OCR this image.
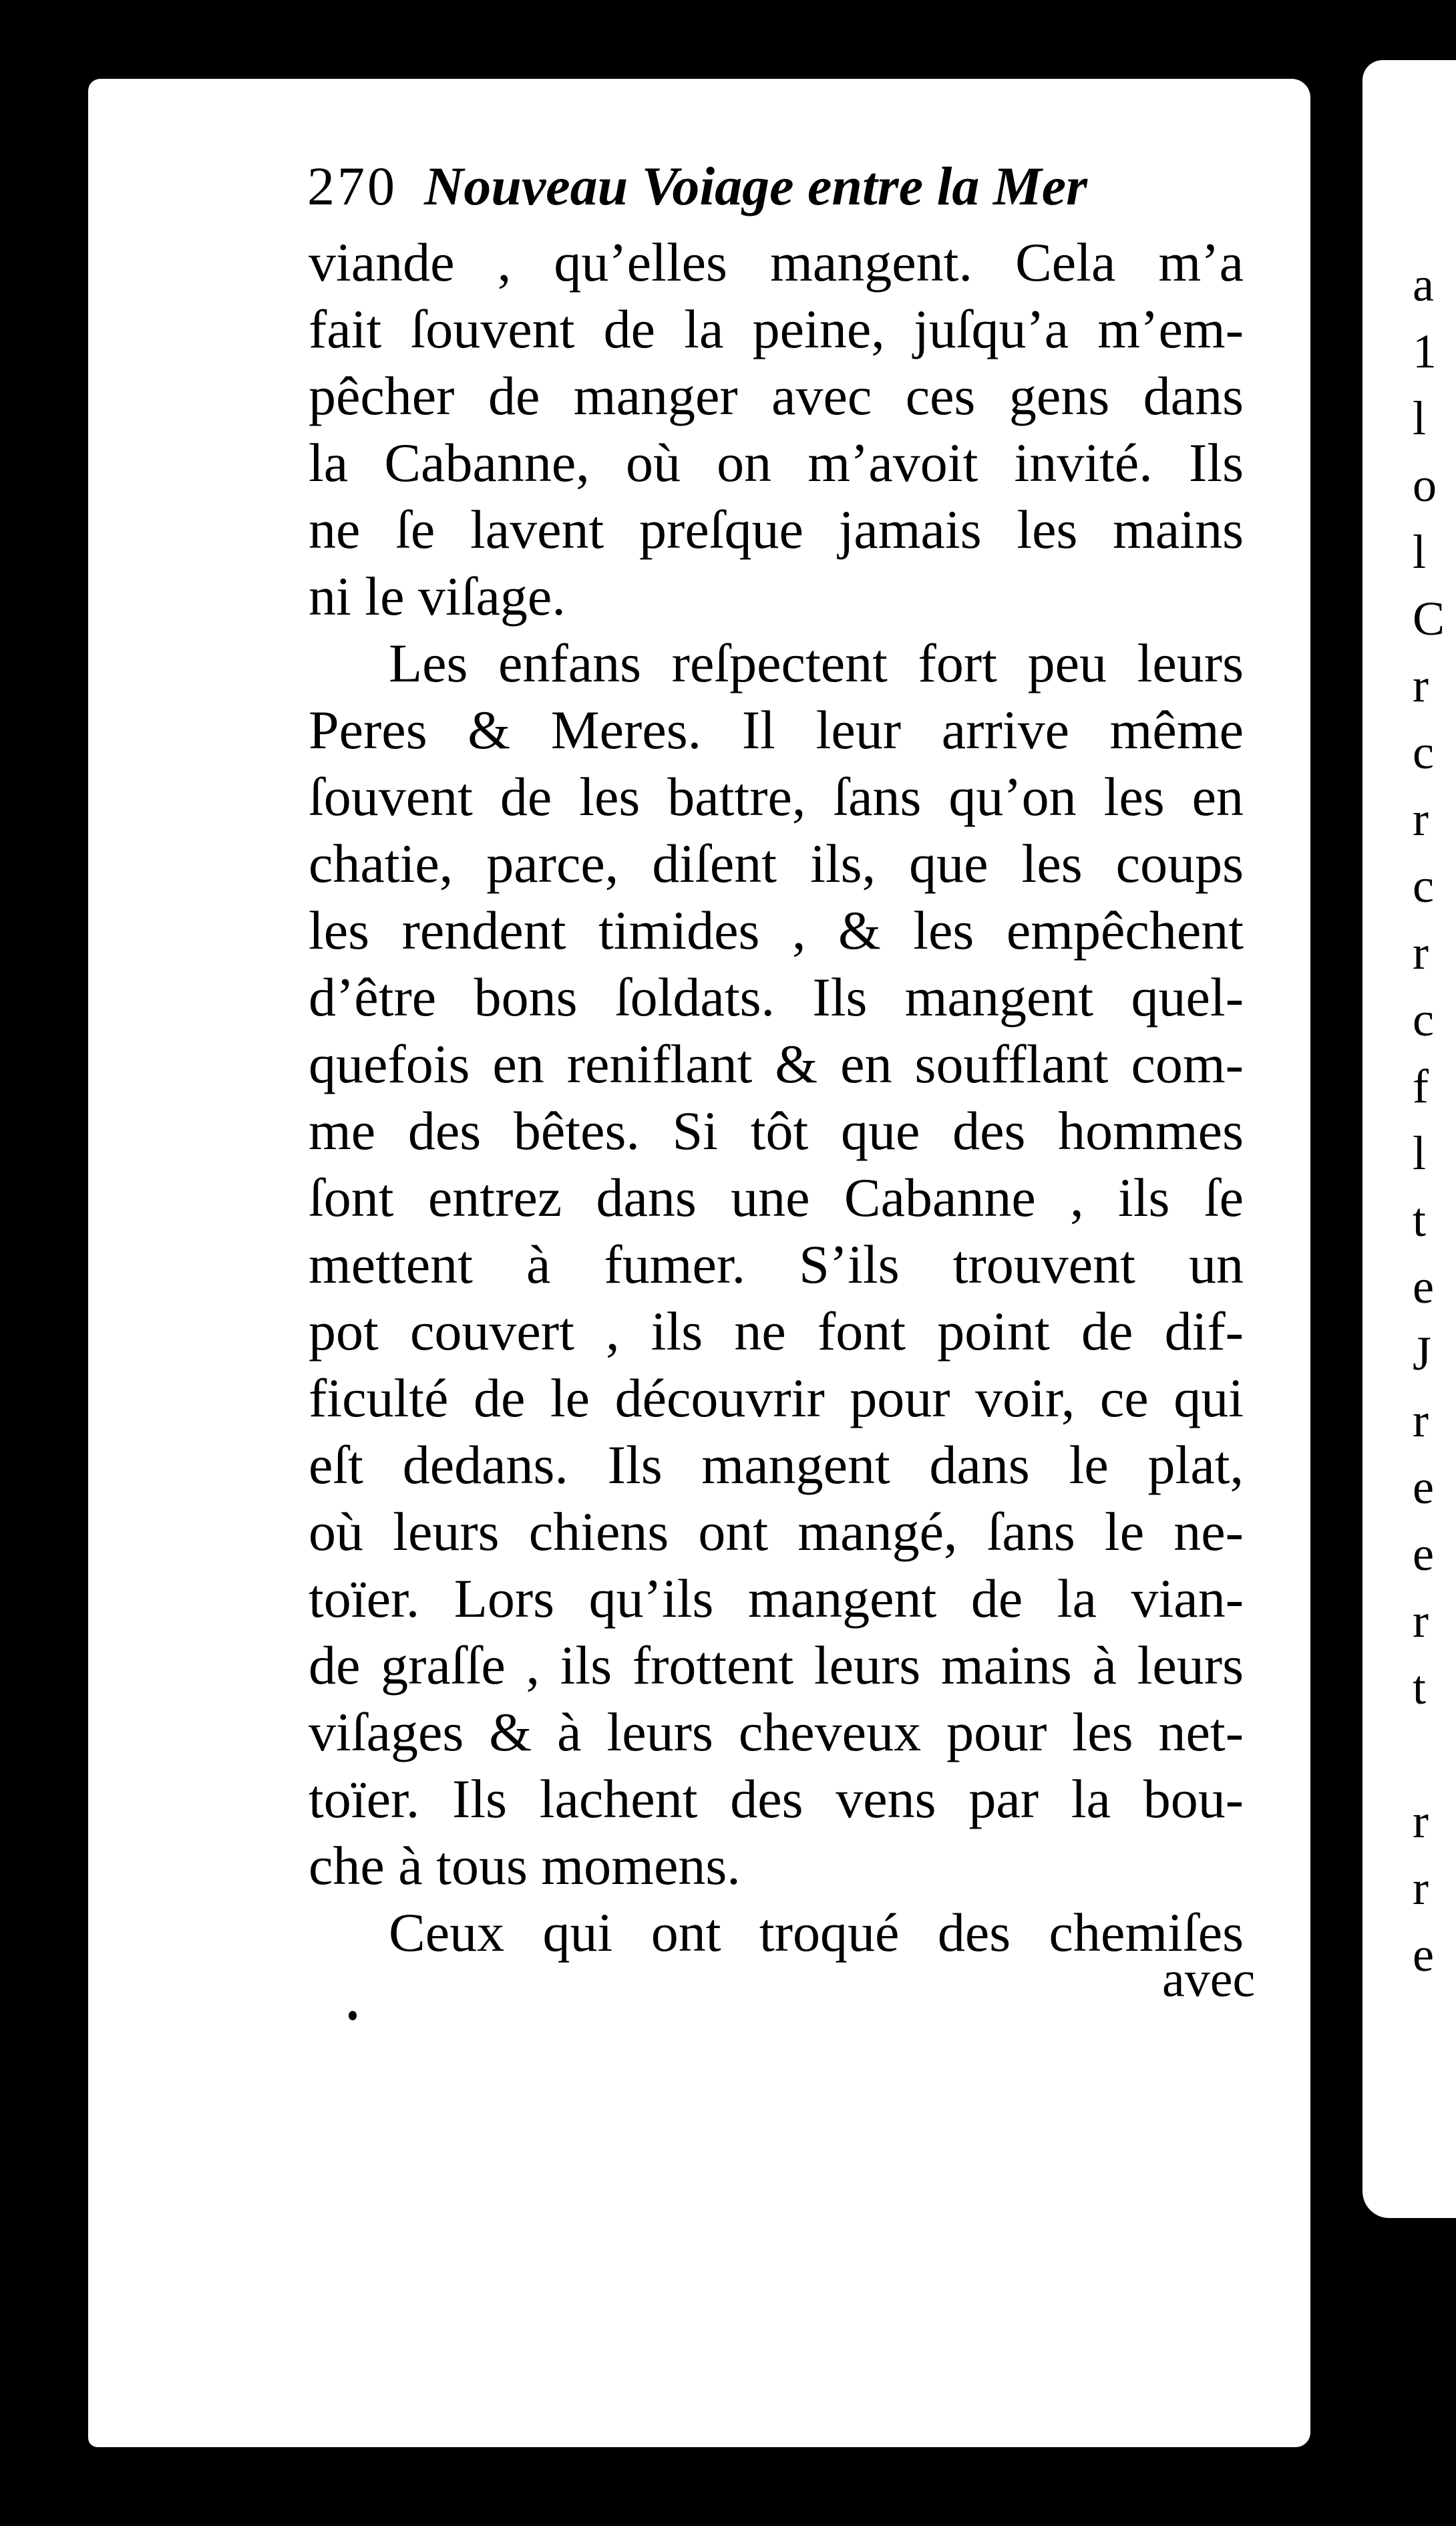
a
1
l
o
l
C
r
c
r
c
r
c
f
l
t
e
J
r
e
e
r
t
r
r
e
270 Nouveau Voiage entre la Mer
viande , qu’elles mangent. Cela m’a
fait ſouvent de la peine, juſqu’a m’em-
pêcher de manger avec ces gens dans
la Cabanne, où on m’avoit invité. Ils
ne ſe lavent preſque jamais les mains
ni le viſage.
Les enfans reſpectent fort peu leurs
Peres & Meres. Il leur arrive même
ſouvent de les battre, ſans qu’on les en
chatie, parce, diſent ils, que les coups
les rendent timides , & les empêchent
d’être bons ſoldats. Ils mangent quel-
quefois en reniflant & en soufflant com-
me des bêtes. Si tôt que des hommes
ſont entrez dans une Cabanne , ils ſe
mettent à fumer. S’ils trouvent un
pot couvert , ils ne font point de dif-
ficulté de le découvrir pour voir, ce qui
eſt dedans. Ils mangent dans le plat,
où leurs chiens ont mangé, ſans le ne-
toïer. Lors qu’ils mangent de la vian-
de graſſe , ils frottent leurs mains à leurs
viſages & à leurs cheveux pour les net-
toïer. Ils lachent des vens par la bou-
che à tous momens.
Ceux qui ont troqué des chemiſes
avec
